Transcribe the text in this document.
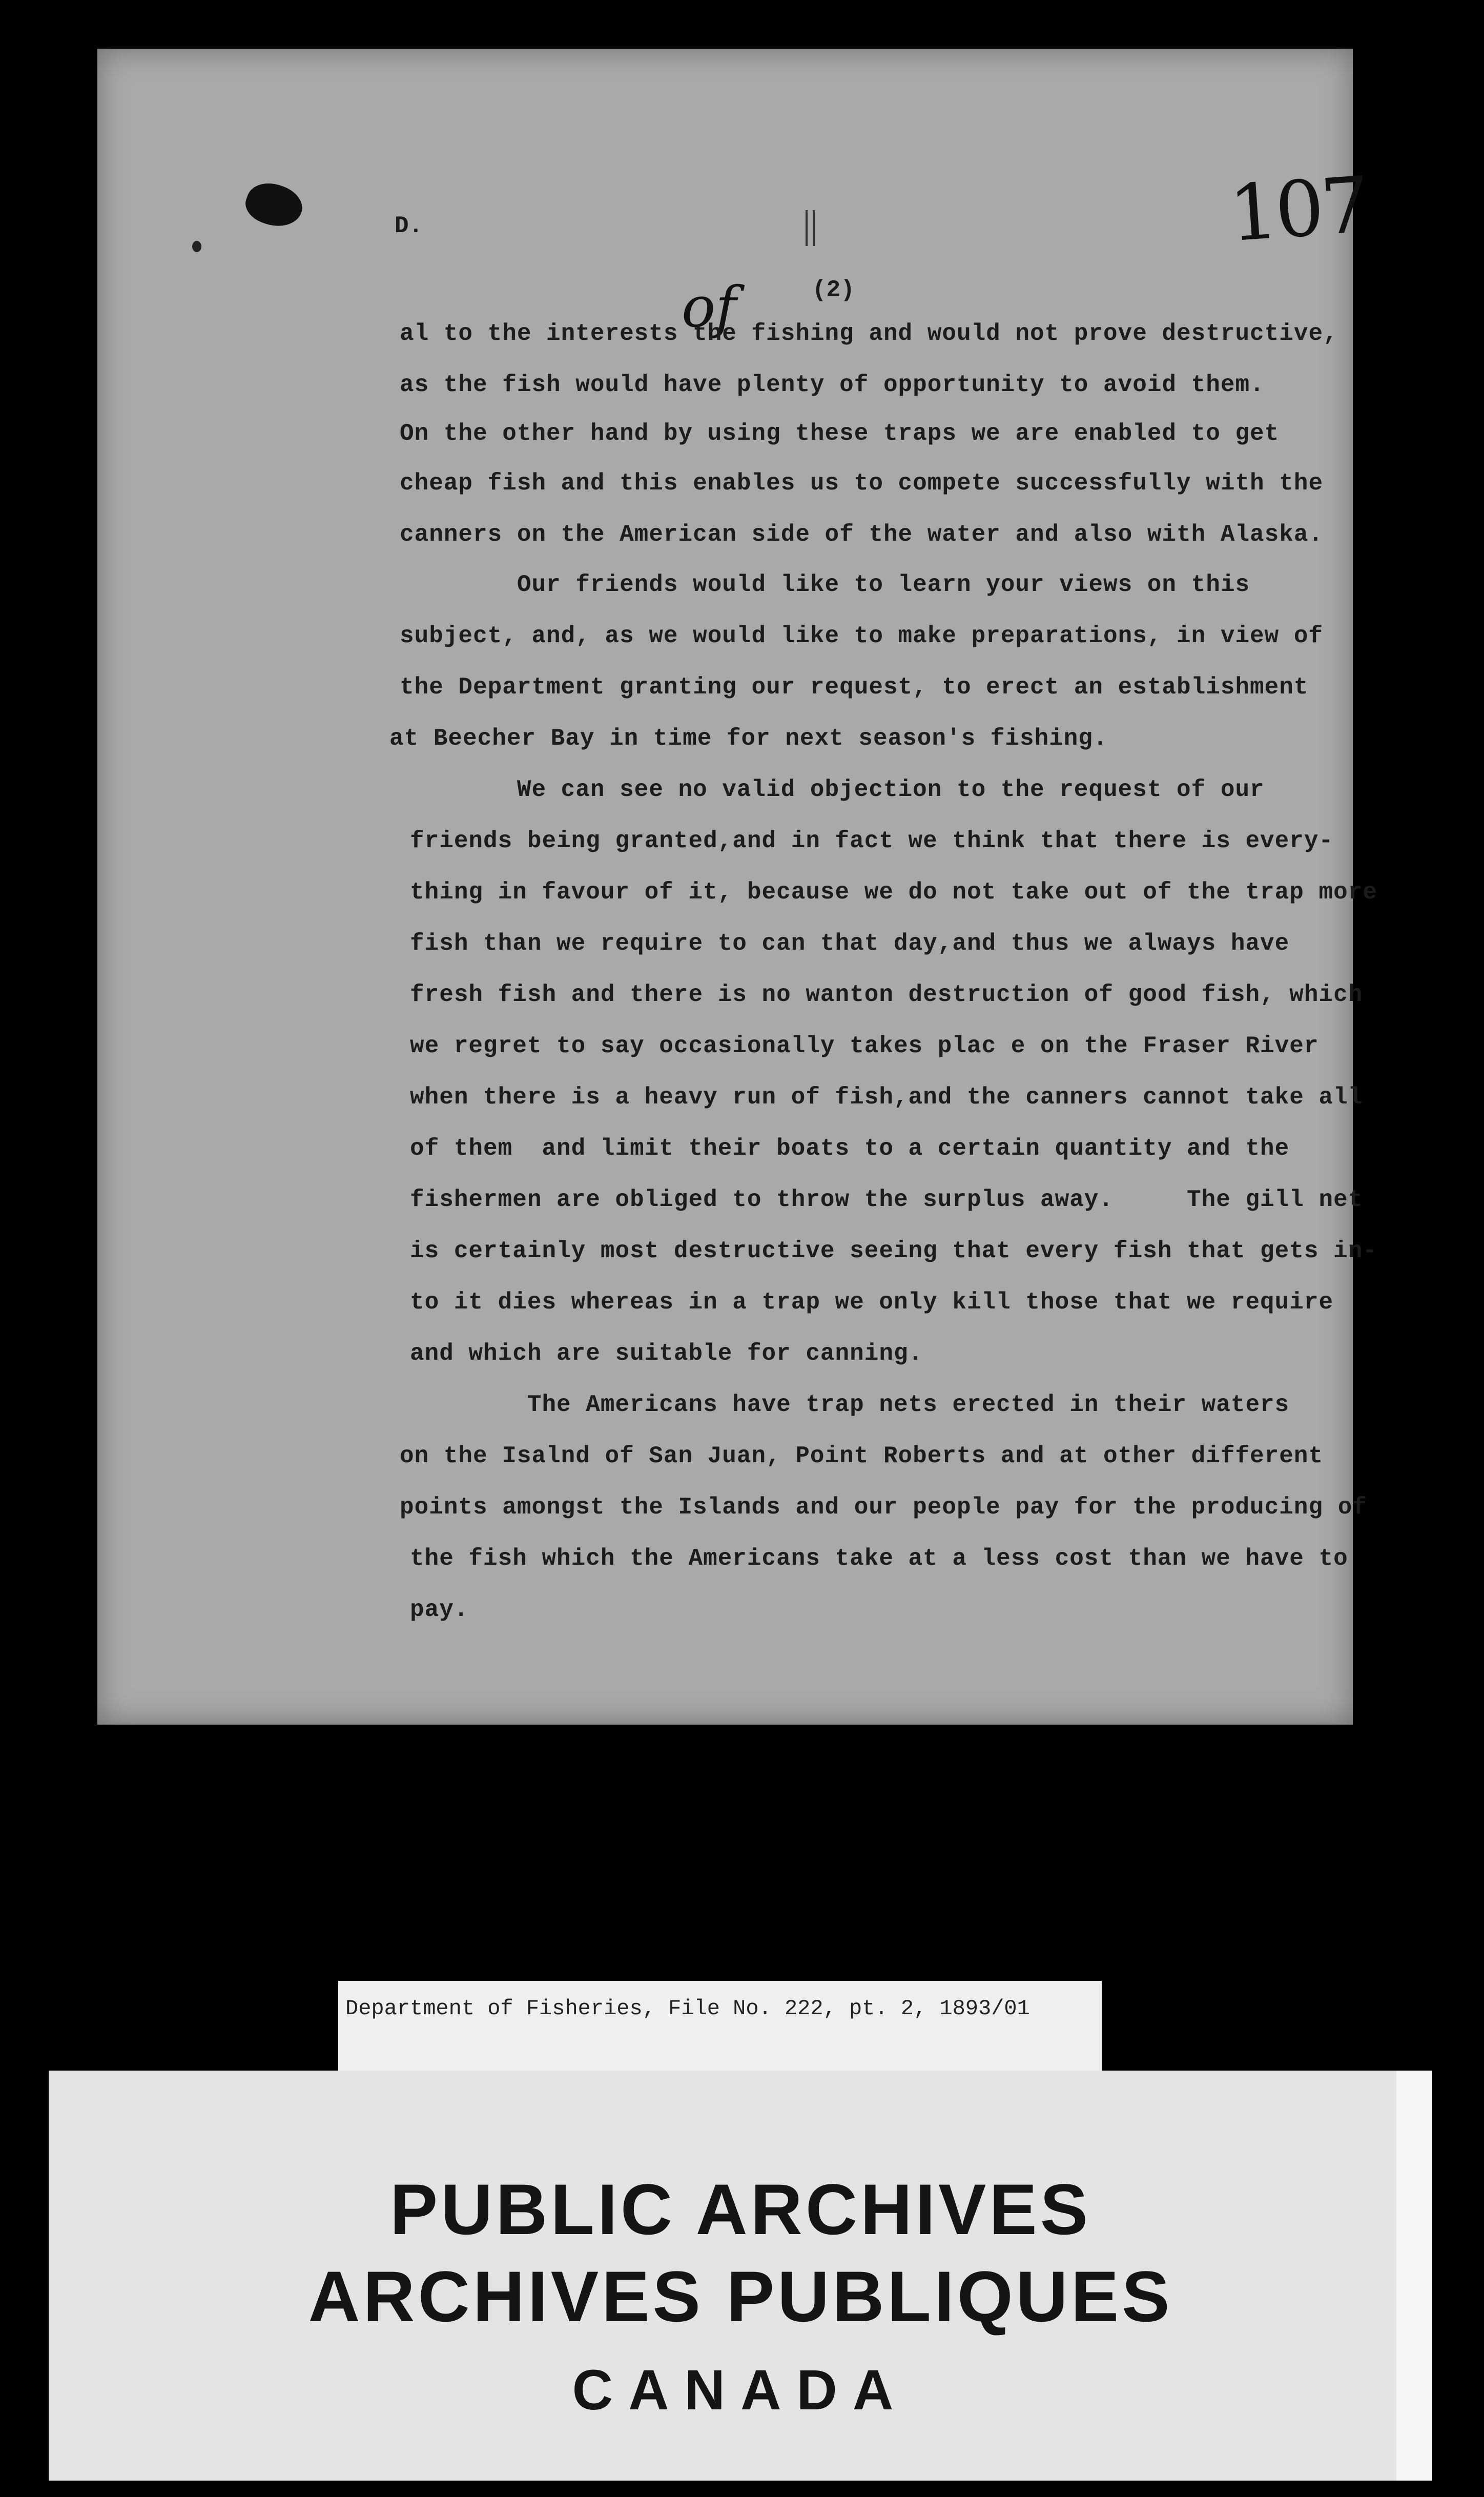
D.
(2)
107
of
al to the interests the fishing and would not prove destructive,
as the fish would have plenty of opportunity to avoid them.
On the other hand by using these traps we are enabled to get
cheap fish and this enables us to compete successfully with the
canners on the American side of the water and also with Alaska.
Our friends would like to learn your views on this
subject, and, as we would like to make preparations, in view of
the Department granting our request, to erect an establishment
at Beecher Bay in time for next season's fishing.
We can see no valid objection to the request of our
friends being granted,and in fact we think that there is every-
thing in favour of it, because we do not take out of the trap more
fish than we require to can that day,and thus we always have
fresh fish and there is no wanton destruction of good fish, which
we regret to say occasionally takes plac e on the Fraser River
when there is a heavy run of fish,and the canners cannot take all
of them  and limit their boats to a certain quantity and the
fishermen are obliged to throw the surplus away.     The gill net
is certainly most destructive seeing that every fish that gets in-
to it dies whereas in a trap we only kill those that we require
and which are suitable for canning.
The Americans have trap nets erected in their waters
on the Isalnd of San Juan, Point Roberts and at other different
points amongst the Islands and our people pay for the producing of
the fish which the Americans take at a less cost than we have to
pay.
Department of Fisheries, File No. 222, pt. 2, 1893/01
PUBLIC ARCHIVES
ARCHIVES PUBLIQUES
CANADA
